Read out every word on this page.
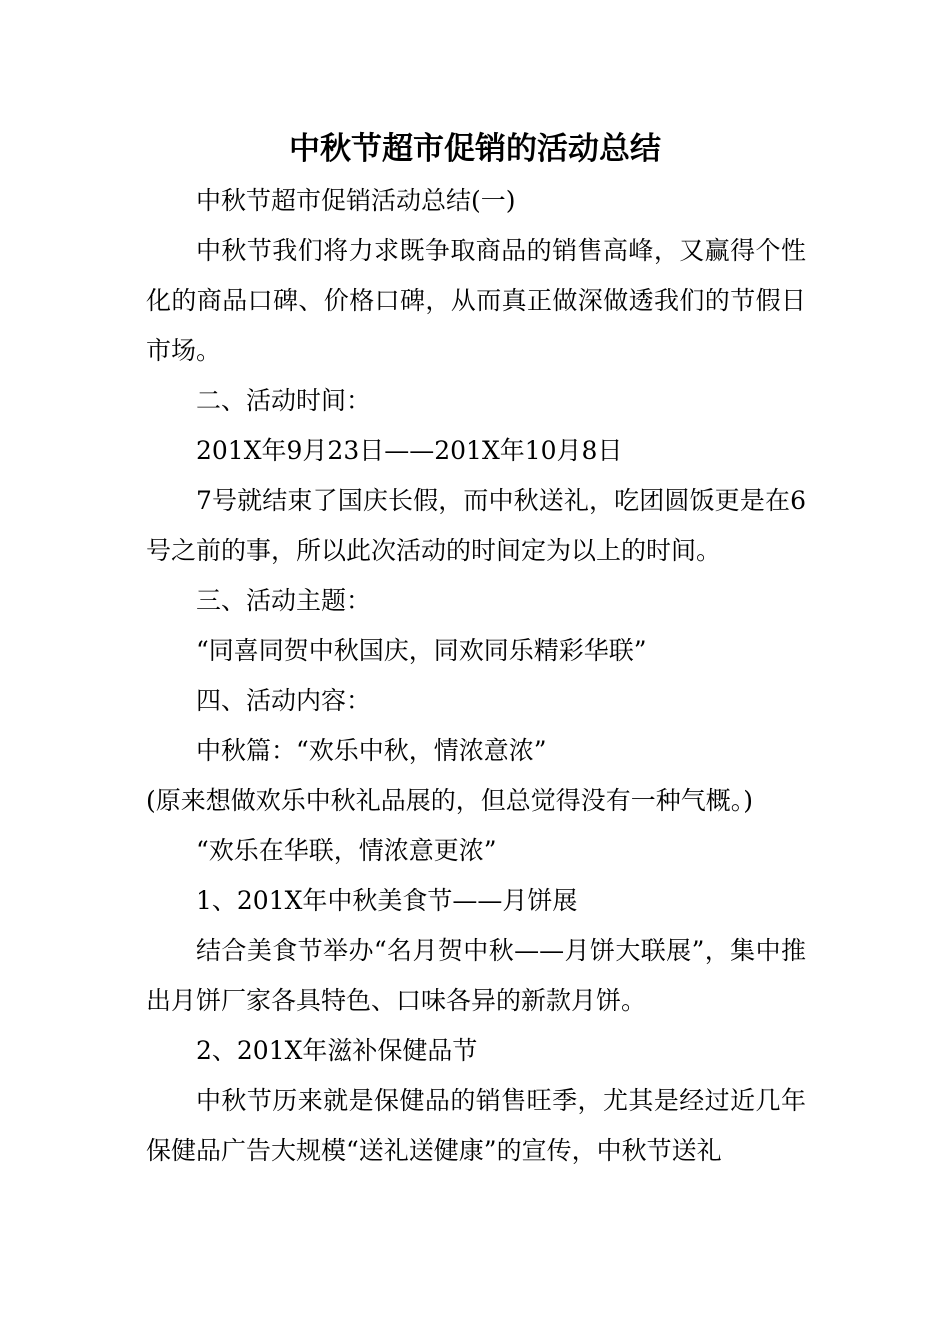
中秋节超市促销的活动总结

中秋节超市促销活动总结(一)

中秋节我们将力求既争取商品的销售高峰，又赢得个性化的商品口碑、价格口碑，从而真正做深做透我们的节假日市场。

二、活动时间：

201X年9月23日——201X年10月8日

7号就结束了国庆长假，而中秋送礼，吃团圆饭更是在6号之前的事，所以此次活动的时间定为以上的时间。

三、活动主题：

“同喜同贺中秋国庆，同欢同乐精彩华联”

四、活动内容：

中秋篇：“欢乐中秋，情浓意浓”

(原来想做欢乐中秋礼品展的，但总觉得没有一种气概。)

“欢乐在华联，情浓意更浓”

1、201X年中秋美食节——月饼展

结合美食节举办“名月贺中秋——月饼大联展”，集中推出月饼厂家各具特色、口味各异的新款月饼。

2、201X年滋补保健品节

中秋节历来就是保健品的销售旺季，尤其是经过近几年保健品广告大规模“送礼送健康”的宣传，中秋节送礼
